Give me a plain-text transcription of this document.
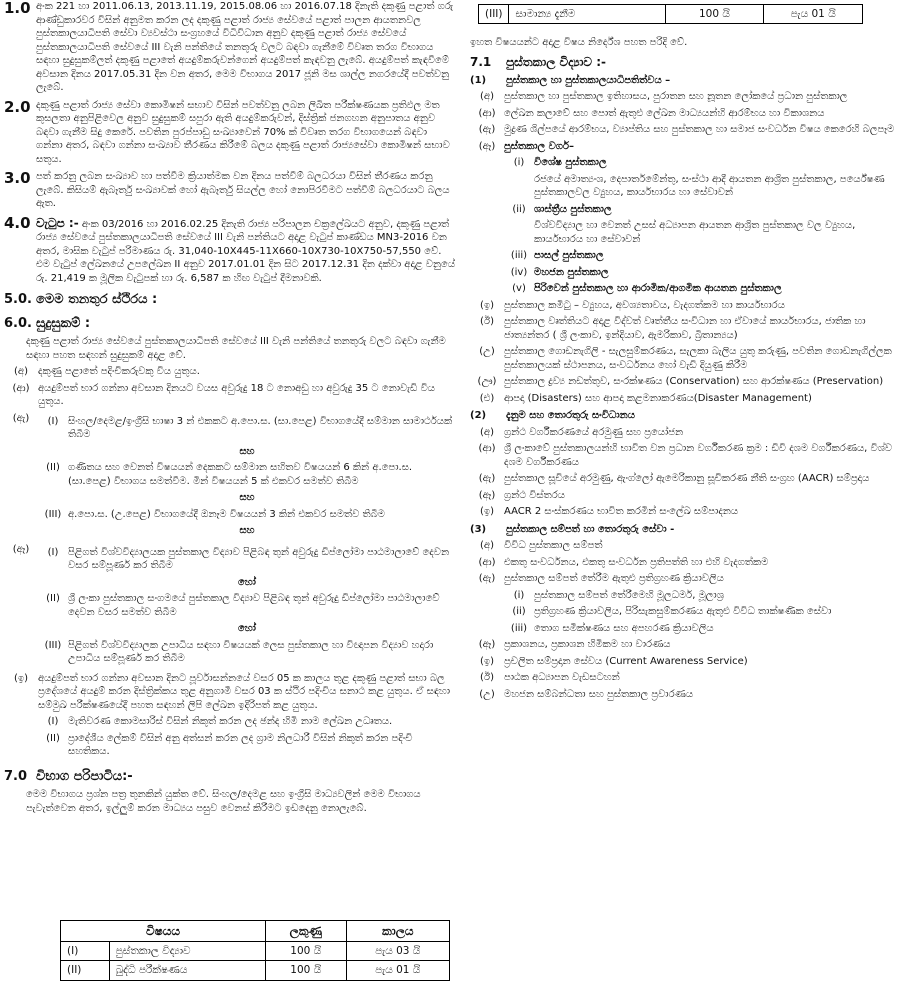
1.0 අංක 221 හා 2011.06.13, 2013.11.19, 2015.08.06 හා 2016.07.18 දිනැති දකුණු පළාත් ගරු ආණ්ඩුකාරවර විසින් අනුමත කරන ලද දකුණු පළාත් රාජ්‍ය සේවයේ පළාත් පාලන ආයතනවල පුස්තකාලයාධිපති සේවා ව්‍යවස්ථා සංග්‍රහයේ විධිවිධාන අනුව දකුණු පළාත් රාජ්‍ය සේවයේ පුස්තකාලයාධිපති සේවයේ III වැනි පන්තියේ තනතුරු වලට බඳවා ගැනීමේ විවෘත තරග විභාගය සඳහා සුදුසුකම්ලත් දකුණු පළාතේ අයදුම්කරුවන්ගෙන් අයදුම්පත් කැඳවනු ලැබේ. අයදුම්පත් කැඳවීමේ අවසාන දිනය 2017.05.31 දින වන අතර, මෙම විභාගය 2017 ජූනි මස ශාල්ල නගරයේදී පවත්වනු ලැබේ.
2.0 දකුණු පළාත් රාජ්‍ය සේවා කොමිෂන් සභාව විසින් පවත්වනු ලබන ලිඛිත පරීක්ෂණයක ප්‍රතිඵල මත කුසලතා අනුපිළිවෙල අනුව සුදුසුකම් සපුරා ඇති අයදුම්කරුවන්, දිස්ත්‍රික් ජනගහන අනුපාතය අනුව බඳවා ගැනීම සිදු කෙරේ. පවතින පුරප්පාඩු සංඛ්‍යාවෙන් 70% ක් විවෘත තරග විභාගයෙන් බඳවා ගන්නා අතර, බඳවා ගන්නා සංඛ්‍යාව තීරණය කිරීමේ බලය දකුණු පළාත් රාජ්‍යසේවා කොමිෂන් සභාව සතුය.
3.0 පත් කරනු ලබන සංඛ්‍යාව හා පත්වීම ක්‍රියාත්මක වන දිනය පත්වීම් බලධරයා විසින් තීරණය කරනු ලැබේ. කිසියම් ඇබෑර්තු සංඛ්‍යාවක් හෝ ඇබෑර්තු සියල්ල හෝ නොපිරවීමට පත්වීම් බලධරයාට බලය ඇත.
4.0 වැටුප :- අංක 03/2016 හා 2016.02.25 දිනැති රාජ්‍ය පරිපාලන චක්‍රලේඛයට අනුව, දකුණු පළාත් රාජ්‍ය සේවයේ පුස්තකාලයාධිපති සේවයේ III වැනි පන්තියට අදාළ වැටුප් කාණ්ඩය MN3-2016 වන අතර, මාසික වැටුප් පරිමාණය රු. 31,040-10X445-11X660-10X730-10X750-57,550 වේ. එම වැටුප් ලේඛනයේ උපලේඛන II අනුව 2017.01.01 දින සිට 2017.12.31 දින දක්වා අදාළ වනුයේ රු. 21,419 ක මූලික වැටුපක් හා රු. 6,587 ක හිඟ වැටුප් දීමනාවකි.
5.0. මෙම තනතුර ස්ථිරය :
6.0. සුදුසුකම් :
දකුණු පළාත් රාජ්‍ය සේවයේ පුස්තකාලයාධිපති සේවයේ III වැනි පන්තියේ තනතුරු වලට බඳවා ගැනීම සඳහා පහත සඳහන් සුදුසුකම් අදාළ වේ.
(අ)	දකුණු පළාතේ පදිංචිකරුවකු විය යුතුය.
(ආ) අයදුම්පත් භාර ගන්නා අවසාන දිනයට වයස අවුරුදු 18 ට නොඅඩු හා අවුරුදු 35 ට නොවැඩි විය යුතුය.
(ඇ)	(I) සිංහල/දෙමළ/ඉංග්‍රීසි භාෂා 3 න් එකකට අ.පො.ස. (සා.පෙළ) විභාගයේදී සම්මාන සාමාර්ථයක් තිබීම
සහ
(II) ගණිතය සහ වෙනත් විෂයයන් දෙකකට සම්මාන සහිතව විෂයයන් 6 කින් අ.පො.ස. (සා.පෙළ) විභාගය සමත්වීම. මින් විෂයයන් 5 ක් එකවර සමත්ව තිබීම
සහ
(III) අ.පො.ස. (උ.පෙළ) විභාගයේදී ඔනෑම විෂයයන් 3 කින් එකවර සමත්ව තිබීම
සහ
(ඈ)	(I) පිළිගත් විශ්වවිද්‍යාලයක පුස්තකාල විද්‍යාව පිළිබඳ තුන් අවුරුදු ඩිප්ලෝමා පාඨමාලාවේ දෙවන වසර සම්පූර්ණ කර තිබීම
හෝ
(II) ශ්‍රී ලංකා පුස්තකාල සංගමයේ පුස්තකාල විද්‍යාව පිළිබඳ තුන් අවුරුදු ඩිප්ලෝමා පාඨමාලාවේ දෙවන වසර සමත්ව තිබීම
හෝ
(III) පිළිගත් විශ්වවිද්‍යාලක උපාධිය සඳහා විෂයයක් ලෙස පුස්තකාල හා විඥාපන විද්‍යාව හදාරා උපාධිය සම්පූර්ණ කර තිබීම
(ඉ) අයදුම්පත් භාර ගන්නා අවසාන දිනට පූර්වාසන්නයේ වසර 05 ක කාලය තුළ දකුණු පළාත් සභා බල ප්‍රදේශයේ අයදුම් කරන දිස්ත්‍රික්කය තුළ අනුගාමී වසර 03 ක ස්ථිර පදිංචිය සනාථ කළ යුතුය. ඒ සඳහා සම්මුඛ පරීක්ෂණයේදී පහත සඳහන් ලිපි ලේඛන ඉදිරිපත් කළ යුතුය.
(I) මැතිවරණ කොමසාරිස් විසින් නිකුත් කරන ලද ඡන්ද හිමි නාම ලේඛන උධෘතය.
(II) ප්‍රාදේශීය ලේකම් විසින් අනු අත්සන් කරන ලද ග්‍රාම නිලධාරී විසින් නිකුත් කරන පදිංචි සහතිකය.
7.0 විභාග පරිපාටිය:-
මෙම විභාගය ප්‍රශ්න පත්‍ර තුනකින් යුක්ත වේ. සිංහල/දෙමළ සහ ඉංග්‍රීසි මාධ්‍යවලින් මෙම විභාගය පැවැත්වෙන අතර, ඉල්ලුම් කරන මාධ්‍යය පසුව වෙනස් කිරීමට ඉඩදෙනු නොලැබේ.
විෂයය		ලකුණු	කාලය
(I)	පුස්තකාල විද්‍යාව	100 යි	පැය 03 යි
(II)	බුද්ධි පරීක්ෂණය	100 යි	පැය 01 යි
(III)	සාමාන්‍ය දැනීම	100 යි	පැය 01 යි
ඉහත විෂයයන්ට අදාළ විෂය නිර්දේශ පහත පරිදි වේ.
7.1	පුස්තකාල විද්‍යාව :-
(1)	පුස්තකාල හා පුස්තකාලයාධිපතිත්වය –
(අ)	පුස්තකාල හා පුස්තකාල ඉතිහාසය, පුරාතන සහ නූතන ලෝකයේ ප්‍රධාන පුස්තකාල
(ආ) ලේඛන කලාවේ සහ පොත් ඇතුළු ලේඛන මාධ්‍යයන්හි ආරම්භය හා විකාශනය
(ඇ) මුද්‍රණ ශිල්පයේ ආරම්භය, ව්‍යාප්තිය සහ පුස්තකාල හා සමාජ සංවර්ධන විෂය කෙරෙහි බලපෑම
(ඈ) පුස්තකාල වර්ග–
(i) විශේෂ පුස්තකාල
රජයේ අමාත්‍යංශ, දෙපාර්තමේන්තු, සංස්ථා ආදී ආයතන ආශ්‍රිත පුස්තකාල, පර්යේෂණ පුස්තකාලවල ව්‍යුහය, කාර්යභාරය හා සේවාවන්
(ii) ශාස්ත්‍රීය පුස්තකාල
විශ්වවිද්‍යාල හා වෙනත් උසස් අධ්‍යාපන ආයතන ආශ්‍රිත පුස්තකාල වල ව්‍යුහය, කාර්යභාරය හා සේවාවන්
(iii) පාසල් පුස්තකාල
(iv) මහජන පුස්තකාල
(v) පිරිවෙන් පුස්තකාල හා ආරාමික/ආගමික ආයතන පුස්තකාල
(ඉ) පුස්තකාල කමිටු – ව්‍යුහය, අවශ්‍යතාවය, වැදගත්කම හා කාර්යභාරය
(ඊ)	පුස්තකාල වෘත්තියට අදාළ විද්වත් වෘත්තීය සංවිධාන හා ඒවායේ කාර්යභාරය, ජාතික හා ජාත්‍යන්තර ( ශ්‍රී ලංකාව, ඉන්දියාව, ඇමරිකාව, බ්‍රිතාන්‍යය)
(උ) පුස්තකාල ගොඩනැගිලි - සැලසුම්කරණය, සැලකා බැලිය යුතු කරුණු, පවතින ගොඩනැගිල්ලක පුස්තකාලයක් ස්ථාපනය, සංවර්ධනය හෝ වැඩි දියුණු කිරීම
(ඌ) පුස්තකාල ද්‍රව්‍ය නඩත්තුව, සංරක්ෂණය (Conservation) සහ ආරක්ෂණය (Preservation)
(එ) ආපදා (Disasters) සහ ආපදා කළමනාකරණය(Disaster Management)
(2)	දැනුම සහ තොරතුරු සංවිධානය
(අ)	ග්‍රන්ථ වර්ගීකරණයේ අරමුණු සහ ප්‍රයෝජන
(ආ) ශ්‍රී ලංකාවේ පුස්තකාලයන්හි භාවිත වන ප්‍රධාන වර්ගීකරණ ක්‍රම : ඩිවි දශම වර්ගීකරණය, විශ්ව දශම වර්ගීකරණය
(ඇ) පුස්තකාල සූචියේ අරමුණු, ඇංග්ලෝ ඇමෙරිකානු සූචිකරණ නීති සංග්‍රහ (AACR) සම්ප්‍රදාය
(ඈ) ග්‍රන්ථ විස්තරය
(ඉ) AACR 2 සංස්කරණය භාවිත කරමින් සංලේඛ සම්පාදනය
(3)	පුස්තකාල සම්පත් හා තොරතුරු සේවා -
(අ)	විවිධ පුස්තකාල සම්පත්
(ආ) එකතු සංවර්ධනය, එකතු සංවර්ධන ප්‍රතිපත්ති හා එහි වැදගත්කම
(ඇ) පුස්තකාල සම්පත් තේරීම ඇතුළු ප්‍රතිග්‍රහණ ක්‍රියාවලිය
(i) පුස්තකාල සම්පත් තේරීමෙහි මූලධර්ම, මූලාශ්‍ර
(ii) ප්‍රතිග්‍රහණ ක්‍රියාවලිය, පිරිසැකසුම්කරණය ඇතුළු විවිධ තාක්ෂණික සේවා
(iii) තොග සමීක්ෂණය සහ අපහරණ ක්‍රියාවලිය
(ඈ) ප්‍රකාශනය, ප්‍රකාශන හිමිකම හා වාරණය
(ඉ) ප්‍රචලිත සම්ප්‍රදාන සේවය (Current Awareness Service)
(ඊ)	පාඨක අධ්‍යාපන වැඩසටහන්
(උ) මහජන සම්බන්ධතා සහ පුස්තකාල ප්‍රවාරණය
